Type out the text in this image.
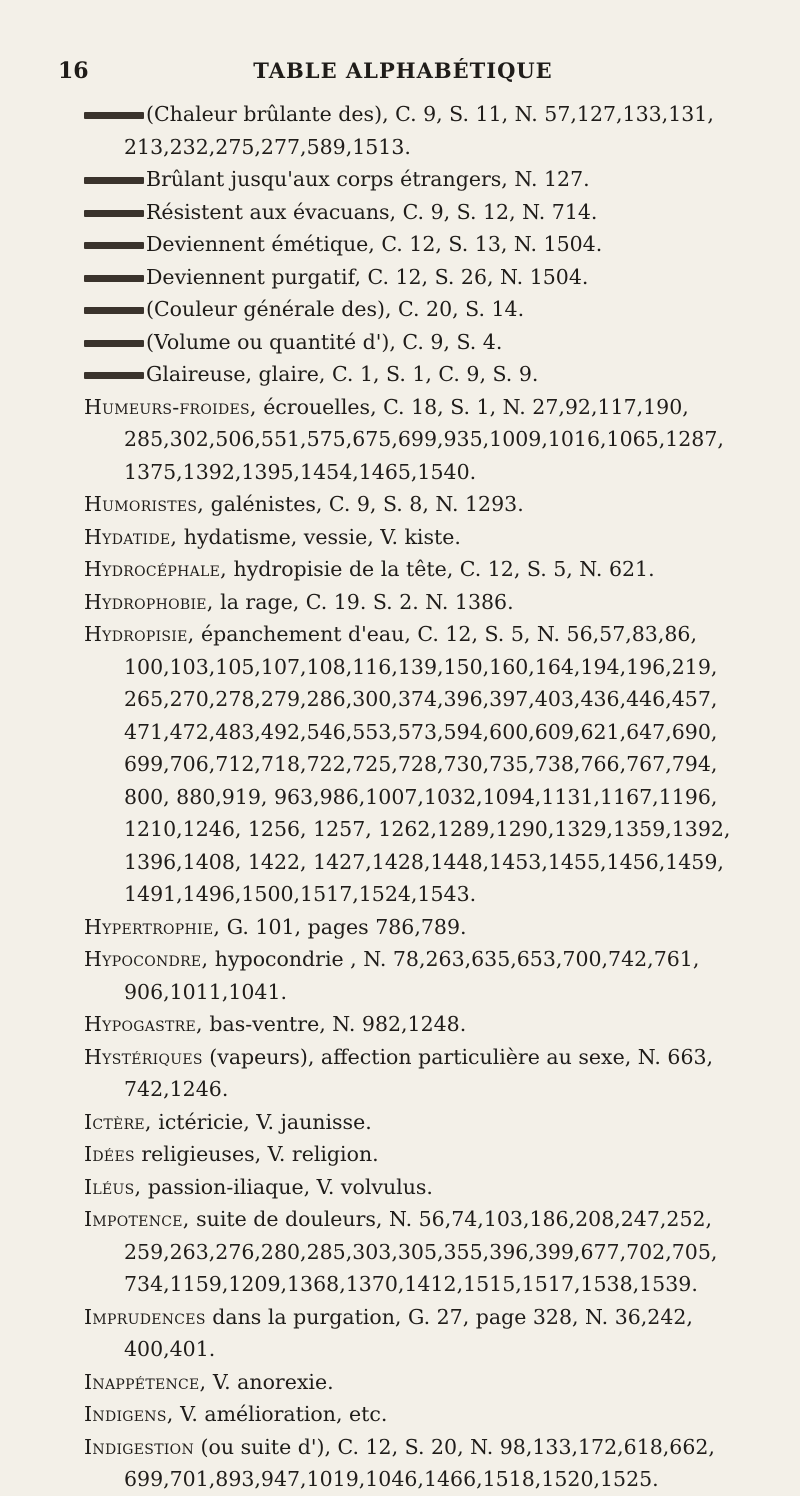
16	TABLE ALPHABÉTIQUE
(Chaleur brûlante des), C. 9, S. 11, N. 57,127,133,131, 213,232,275,277,589,1513.
Brûlant jusqu'aux corps étrangers, N. 127.
Résistent aux évacuans, C. 9, S. 12, N. 714.
Deviennent émétique, C. 12, S. 13, N. 1504.
Deviennent purgatif, C. 12, S. 26, N. 1504.
(Couleur générale des), C. 20, S. 14.
(Volume ou quantité d'), C. 9, S. 4.
Glaireuse, glaire, C. 1, S. 1, C. 9, S. 9.
Humeurs-froides, écrouelles, C. 18, S. 1, N. 27,92,117,190, 285,302,506,551,575,675,699,935,1009,1016,1065,1287, 1375,1392,1395,1454,1465,1540.
Humoristes, galénistes, C. 9, S. 8, N. 1293.
Hydatide, hydatisme, vessie, V. kiste.
Hydrocéphale, hydropisie de la tête, C. 12, S. 5, N. 621.
Hydrophobie, la rage, C. 19. S. 2. N. 1386.
Hydropisie, épanchement d'eau, C. 12, S. 5, N. 56,57,83,86, 100,103,105,107,108,116,139,150,160,164,194,196,219, 265,270,278,279,286,300,374,396,397,403,436,446,457, 471,472,483,492,546,553,573,594,600,609,621,647,690, 699,706,712,718,722,725,728,730,735,738,766,767,794, 800, 880,919, 963,986,1007,1032,1094,1131,1167,1196, 1210,1246, 1256, 1257, 1262,1289,1290,1329,1359,1392, 1396,1408, 1422, 1427,1428,1448,1453,1455,1456,1459, 1491,1496,1500,1517,1524,1543.
Hypertrophie, G. 101, pages 786,789.
Hypocondre, hypocondrie , N. 78,263,635,653,700,742,761, 906,1011,1041.
Hypogastre, bas-ventre, N. 982,1248.
Hystériques (vapeurs), affection particulière au sexe, N. 663, 742,1246.
Ictère, ictéricie, V. jaunisse.
Idées religieuses, V. religion.
Iléus, passion-iliaque, V. volvulus.
Impotence, suite de douleurs, N. 56,74,103,186,208,247,252, 259,263,276,280,285,303,305,355,396,399,677,702,705, 734,1159,1209,1368,1370,1412,1515,1517,1538,1539.
Imprudences dans la purgation, G. 27, page 328, N. 36,242, 400,401.
Inappétence, V. anorexie.
Indigens, V. amélioration, etc.
Indigestion (ou suite d'), C. 12, S. 20, N. 98,133,172,618,662, 699,701,893,947,1019,1046,1466,1518,1520,1525.
